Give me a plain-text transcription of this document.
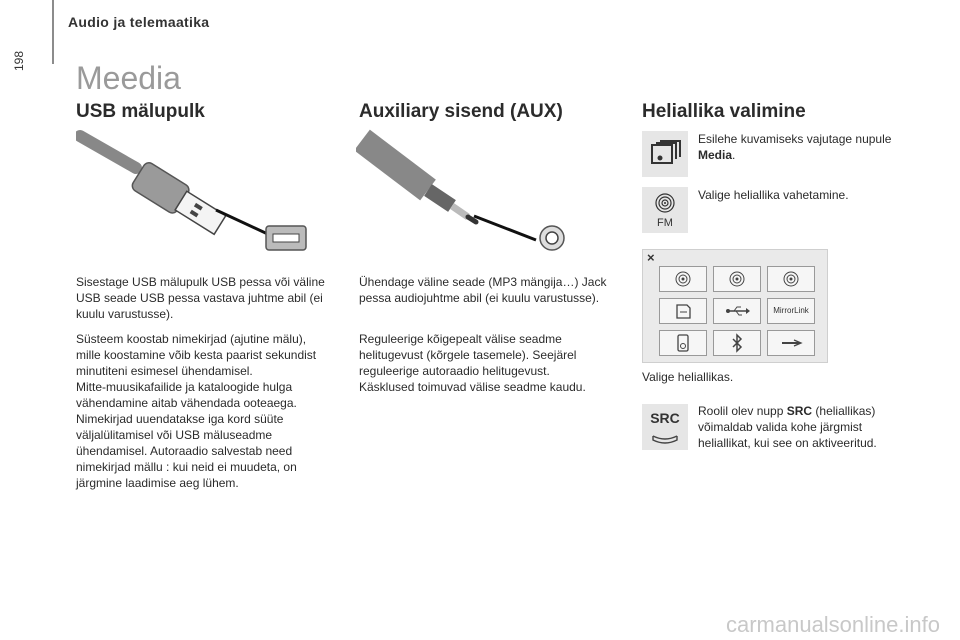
198
Audio ja telemaatika
Meedia
USB mälupulk	Auxiliary sisend (AUX)	Heliallika valimine
Sisestage USB mälupulk USB pessa või väline USB seade USB pessa vastava juhtme abil (ei kuulu varustusse).
Süsteem koostab nimekirjad (ajutine mälu),
mille koostamine võib kesta paarist sekundist
minutiteni esimesel ühendamisel.
Mitte-muusikafailide ja kataloogide hulga
vähendamine aitab vähendada ooteaega.
Nimekirjad uuendatakse iga kord süüte
väljalülitamisel või USB mäluseadme
ühendamisel. Autoraadio salvestab need
nimekirjad mällu : kui neid ei muudeta, on
järgmine laadimise aeg lühem.
Ühendage väline seade (MP3 mängija…) Jack pessa audiojuhtme abil (ei kuulu varustusse).
Reguleerige kõigepealt välise seadme
helitugevust (kõrgele tasemele). Seejärel
reguleerige autoraadio helitugevust.
Käsklused toimuvad välise seadme kaudu.
Esilehe kuvamiseks vajutage nupule Media.
FM
Valige heliallika vahetamine.
×
MirrorLink
Valige heliallikas.
SRC	Roolil olev nupp SRC (heliallikas)
võimaldab valida kohe järgmist
heliallikat, kui see on aktiveeritud.
carmanualsonline.info
